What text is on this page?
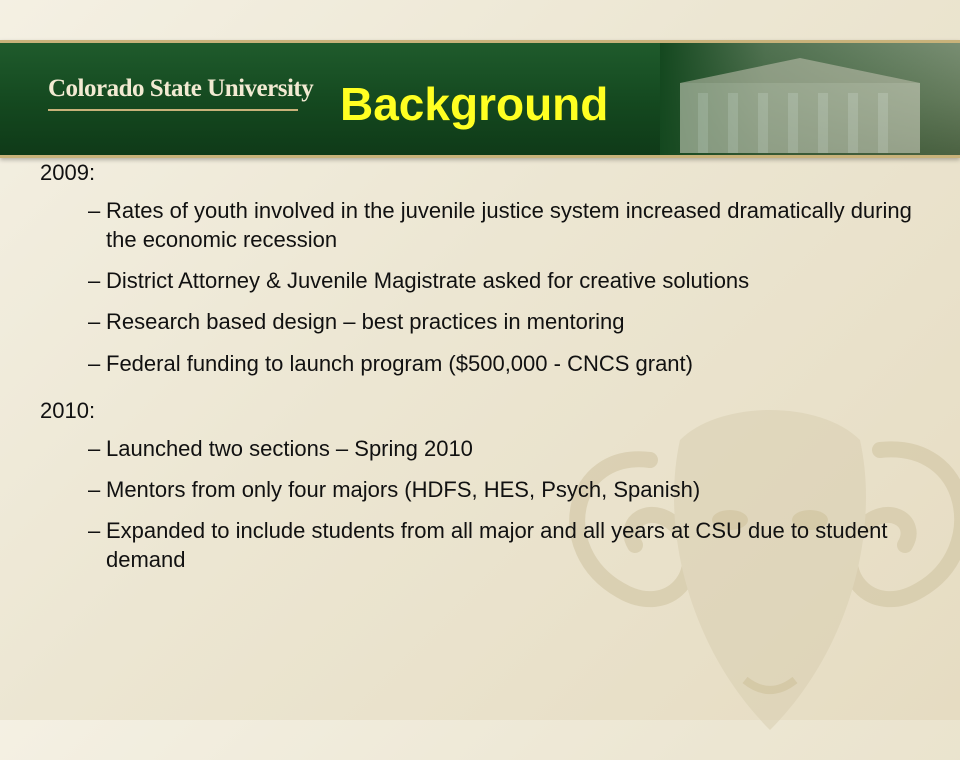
Colorado State University Background
2009:
– Rates of youth involved in the juvenile justice system increased dramatically during the economic recession
– District Attorney & Juvenile Magistrate asked for creative solutions
– Research based design – best practices in mentoring
– Federal funding to launch program ($500,000 - CNCS grant)
2010:
– Launched two sections – Spring 2010
– Mentors from only four majors (HDFS, HES, Psych, Spanish)
– Expanded to include students from all major and all years at CSU due to student demand
